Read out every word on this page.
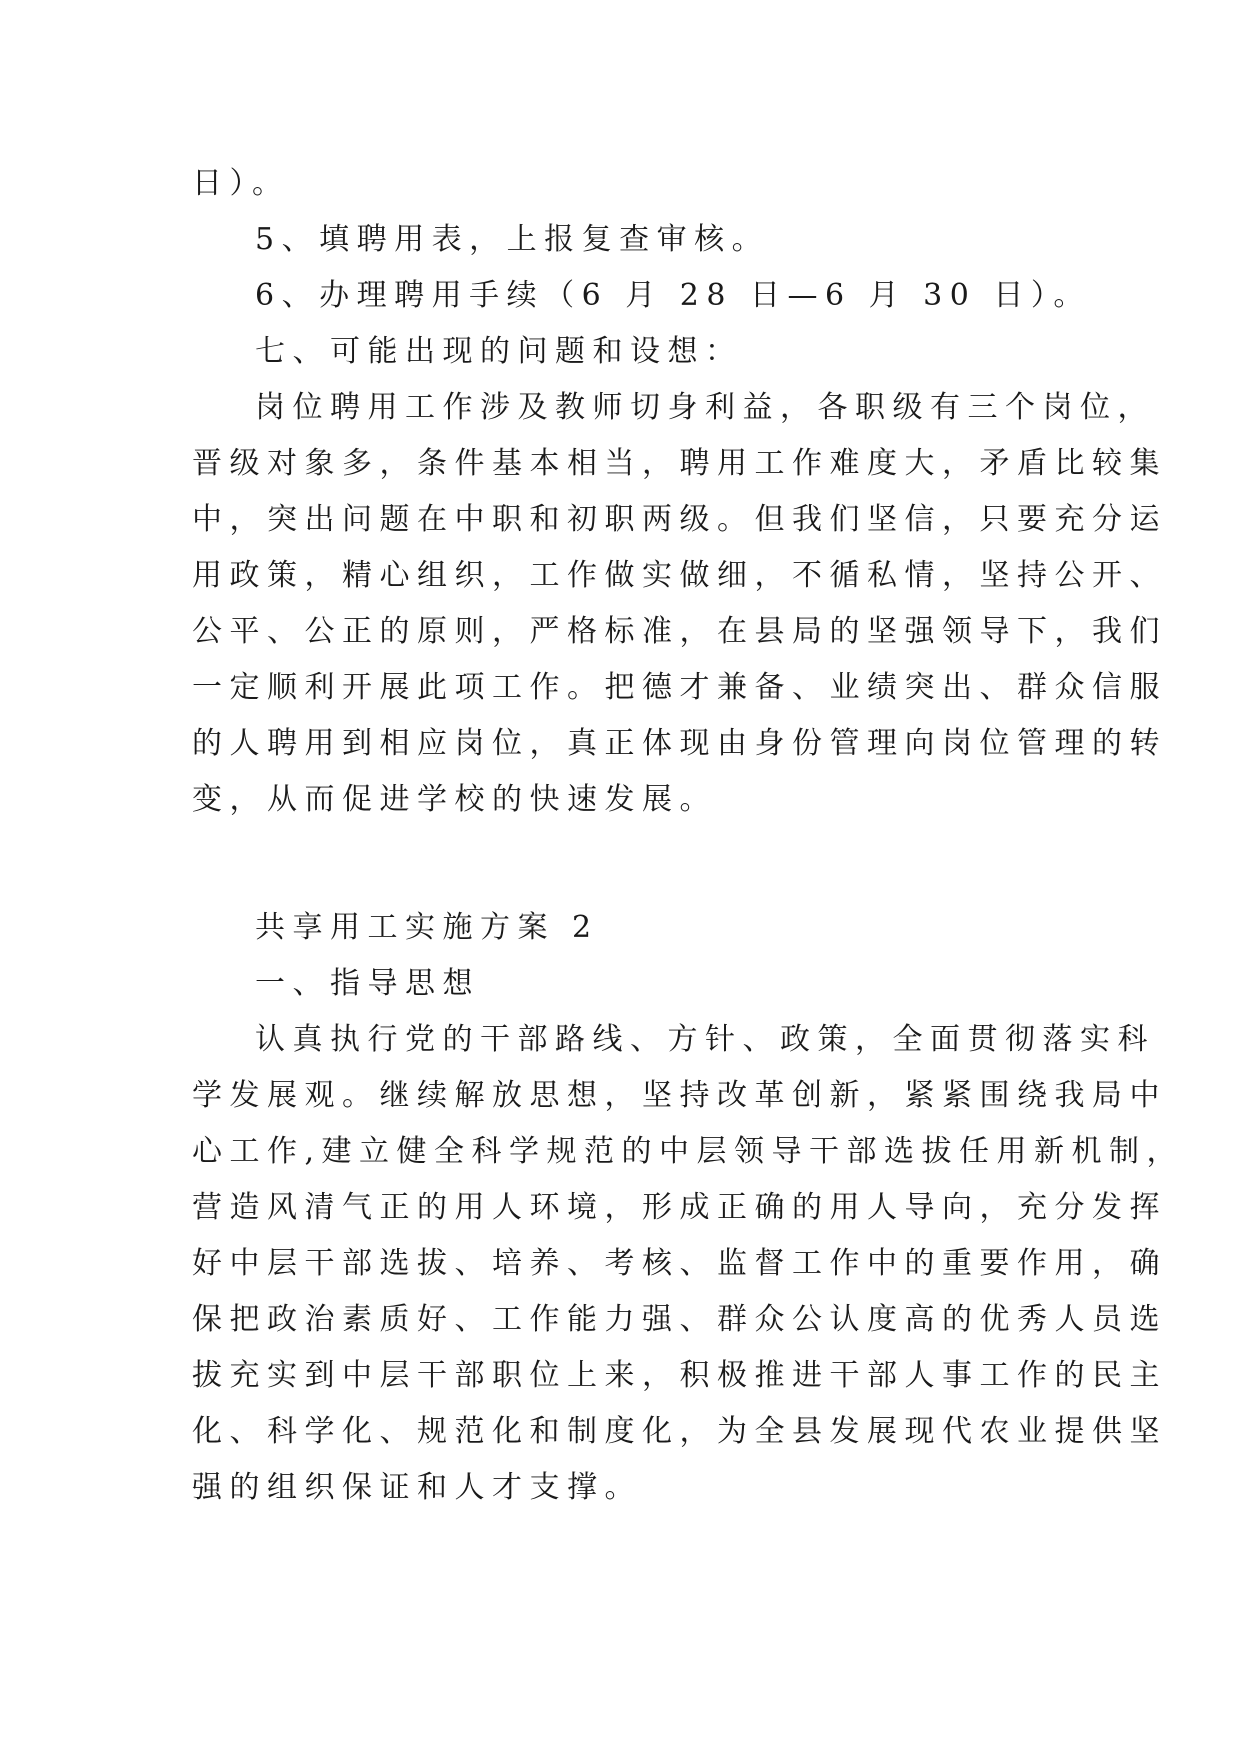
日）。
5、填聘用表，上报复查审核。
6、办理聘用手续（6 月 28 日—6 月 30 日）。
七、可能出现的问题和设想：
岗位聘用工作涉及教师切身利益，各职级有三个岗位，
晋级对象多，条件基本相当，聘用工作难度大，矛盾比较集
中，突出问题在中职和初职两级。但我们坚信，只要充分运
用政策，精心组织，工作做实做细，不循私情，坚持公开、
公平、公正的原则，严格标准，在县局的坚强领导下，我们
一定顺利开展此项工作。把德才兼备、业绩突出、群众信服
的人聘用到相应岗位，真正体现由身份管理向岗位管理的转
变，从而促进学校的快速发展。
共享用工实施方案 2
一、指导思想
认真执行党的干部路线、方针、政策，全面贯彻落实科
学发展观。继续解放思想，坚持改革创新，紧紧围绕我局中
心工作,建立健全科学规范的中层领导干部选拔任用新机制，
营造风清气正的用人环境，形成正确的用人导向，充分发挥
好中层干部选拔、培养、考核、监督工作中的重要作用，确
保把政治素质好、工作能力强、群众公认度高的优秀人员选
拔充实到中层干部职位上来，积极推进干部人事工作的民主
化、科学化、规范化和制度化，为全县发展现代农业提供坚
强的组织保证和人才支撑。
